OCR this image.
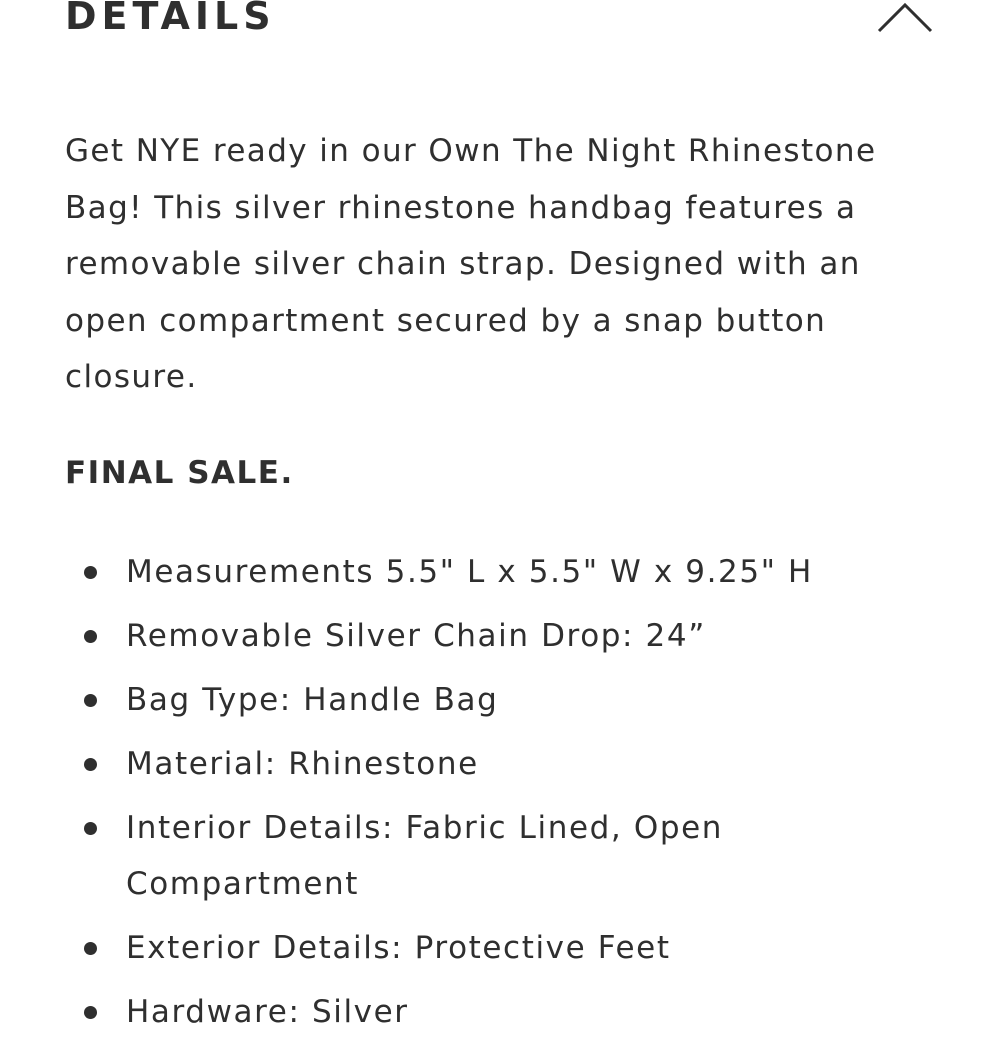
DETAILS

Get NYE ready in our Own The Night Rhinestone Bag! This silver rhinestone handbag features a removable silver chain strap. Designed with an open compartment secured by a snap button closure.

FINAL SALE.

Measurements 5.5" L x 5.5" W x 9.25" H
Removable Silver Chain Drop: 24”
Bag Type: Handle Bag
Material: Rhinestone
Interior Details: Fabric Lined, Open Compartment
Exterior Details: Protective Feet
Hardware: Silver
